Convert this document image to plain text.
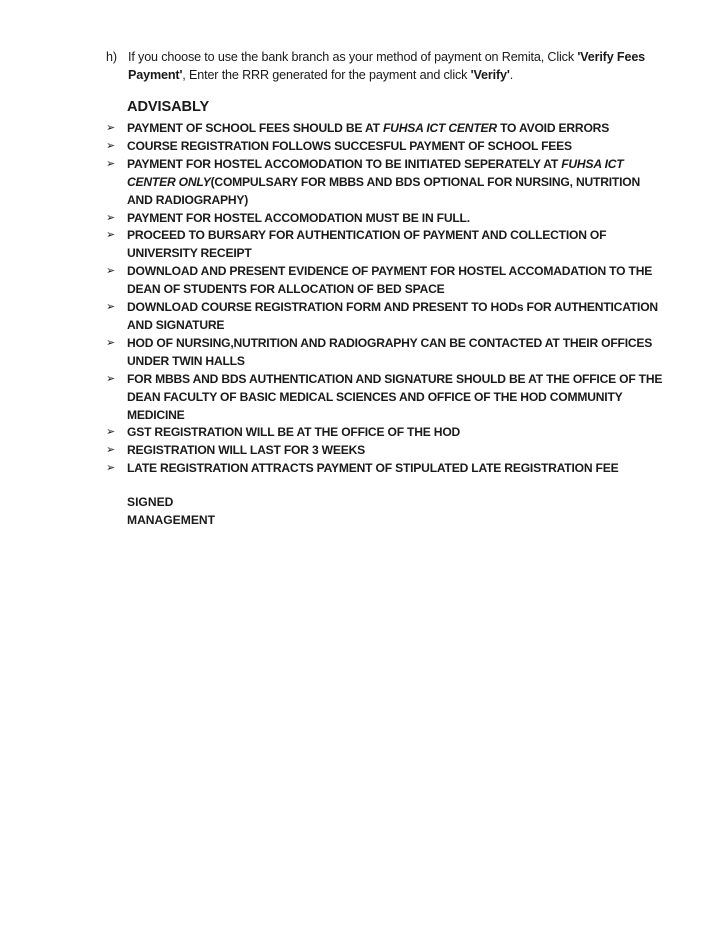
h) If you choose to use the bank branch as your method of payment on Remita, Click 'Verify Fees
Payment', Enter the RRR generated for the payment and click 'Verify'.
ADVISABLY
➢ PAYMENT OF SCHOOL FEES SHOULD BE AT FUHSA ICT CENTER TO AVOID ERRORS
➢ COURSE REGISTRATION FOLLOWS SUCCESFUL PAYMENT OF SCHOOL FEES
➢ PAYMENT FOR HOSTEL ACCOMODATION TO BE INITIATED SEPERATELY AT FUHSA ICT
CENTER ONLY(COMPULSARY FOR MBBS AND BDS OPTIONAL FOR NURSING, NUTRITION
AND RADIOGRAPHY)
➢ PAYMENT FOR HOSTEL ACCOMODATION MUST BE IN FULL.
➢ PROCEED TO BURSARY FOR AUTHENTICATION OF PAYMENT AND COLLECTION OF
UNIVERSITY RECEIPT
➢ DOWNLOAD AND PRESENT EVIDENCE OF PAYMENT FOR HOSTEL ACCOMADATION TO THE
DEAN OF STUDENTS FOR ALLOCATION OF BED SPACE
➢ DOWNLOAD COURSE REGISTRATION FORM AND PRESENT TO HODs FOR AUTHENTICATION
AND SIGNATURE
➢ HOD OF NURSING,NUTRITION AND RADIOGRAPHY CAN BE CONTACTED AT THEIR OFFICES
UNDER TWIN HALLS
➢ FOR MBBS AND BDS AUTHENTICATION AND SIGNATURE SHOULD BE AT THE OFFICE OF THE
DEAN FACULTY OF BASIC MEDICAL SCIENCES AND OFFICE OF THE HOD COMMUNITY
MEDICINE
➢ GST REGISTRATION WILL BE AT THE OFFICE OF THE HOD
➢ REGISTRATION WILL LAST FOR 3 WEEKS
➢ LATE REGISTRATION ATTRACTS PAYMENT OF STIPULATED LATE REGISTRATION FEE
SIGNED
MANAGEMENT
